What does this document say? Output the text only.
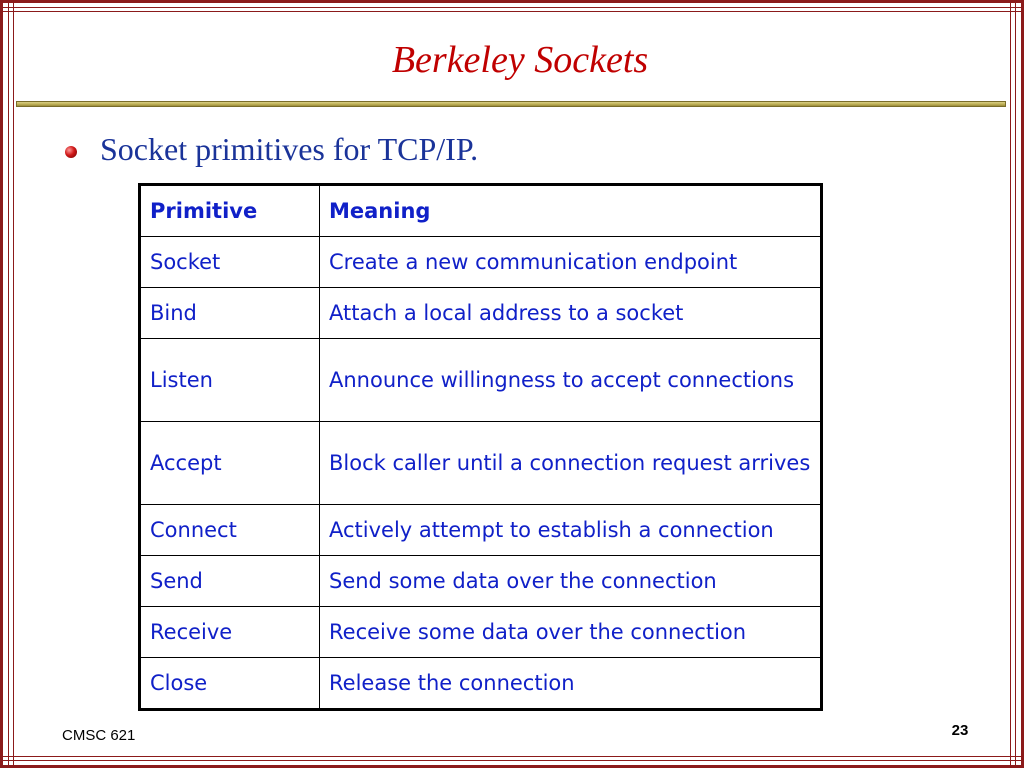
Berkeley Sockets
Socket primitives for TCP/IP.
Primitive	Meaning
Socket	Create a new communication endpoint
Bind	Attach a local address to a socket
Listen	Announce willingness to accept connections
Accept	Block caller until a connection request arrives
Connect	Actively attempt to establish a connection
Send	Send some data over the connection
Receive	Receive some data over the connection
Close	Release the connection
CMSC 621	23
